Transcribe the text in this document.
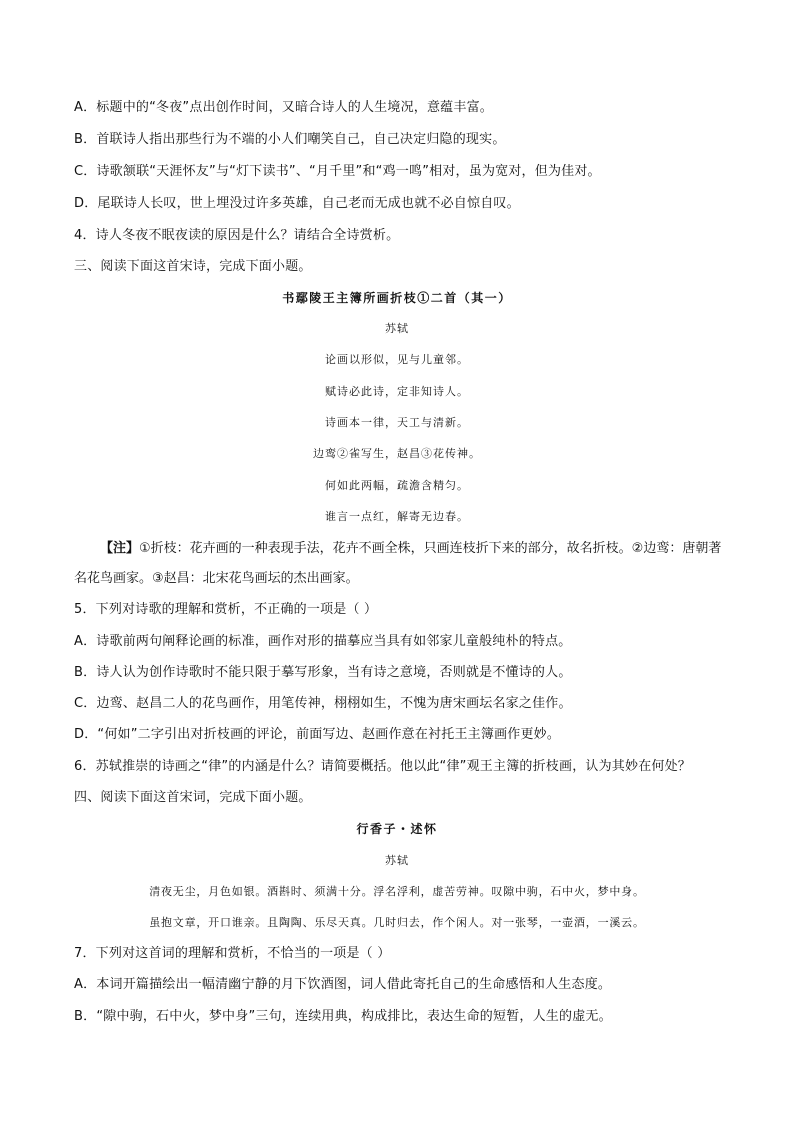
A．标题中的“冬夜”点出创作时间，又暗合诗人的人生境况，意蕴丰富。
B．首联诗人指出那些行为不端的小人们嘲笑自己，自己决定归隐的现实。
C．诗歌颔联“天涯怀友”与“灯下读书”、“月千里”和“鸡一鸣”相对，虽为宽对，但为佳对。
D．尾联诗人长叹，世上埋没过许多英雄，自己老而无成也就不必自惊自叹。
4．诗人冬夜不眠夜读的原因是什么？请结合全诗赏析。
三、阅读下面这首宋诗，完成下面小题。
书鄢陵王主簿所画折枝①二首（其一）
苏轼
论画以形似，见与儿童邻。
赋诗必此诗，定非知诗人。
诗画本一律，天工与清新。
边鸾②雀写生，赵昌③花传神。
何如此两幅，疏澹含精匀。
谁言一点红，解寄无边春。
【注】①折枝：花卉画的一种表现手法，花卉不画全株，只画连枝折下来的部分，故名折枝。②边鸾：唐朝著名花鸟画家。③赵昌：北宋花鸟画坛的杰出画家。
5．下列对诗歌的理解和赏析，不正确的一项是（ ）
A．诗歌前两句阐释论画的标准，画作对形的描摹应当具有如邻家儿童般纯朴的特点。
B．诗人认为创作诗歌时不能只限于摹写形象，当有诗之意境，否则就是不懂诗的人。
C．边鸾、赵昌二人的花鸟画作，用笔传神，栩栩如生，不愧为唐宋画坛名家之佳作。
D．“何如”二字引出对折枝画的评论，前面写边、赵画作意在衬托王主簿画作更妙。
6．苏轼推崇的诗画之“律”的内涵是什么？请简要概括。他以此“律”观王主簿的折枝画，认为其妙在何处？
四、阅读下面这首宋词，完成下面小题。
行香子・述怀
苏轼
清夜无尘，月色如银。酒斟时、须满十分。浮名浮利，虚苦劳神。叹隙中驹，石中火，梦中身。
虽抱文章，开口谁亲。且陶陶、乐尽天真。几时归去，作个闲人。对一张琴，一壶酒，一溪云。
7．下列对这首词的理解和赏析，不恰当的一项是（ ）
A．本词开篇描绘出一幅清幽宁静的月下饮酒图，词人借此寄托自己的生命感悟和人生态度。
B．“隙中驹，石中火，梦中身”三句，连续用典，构成排比，表达生命的短暂，人生的虚无。
